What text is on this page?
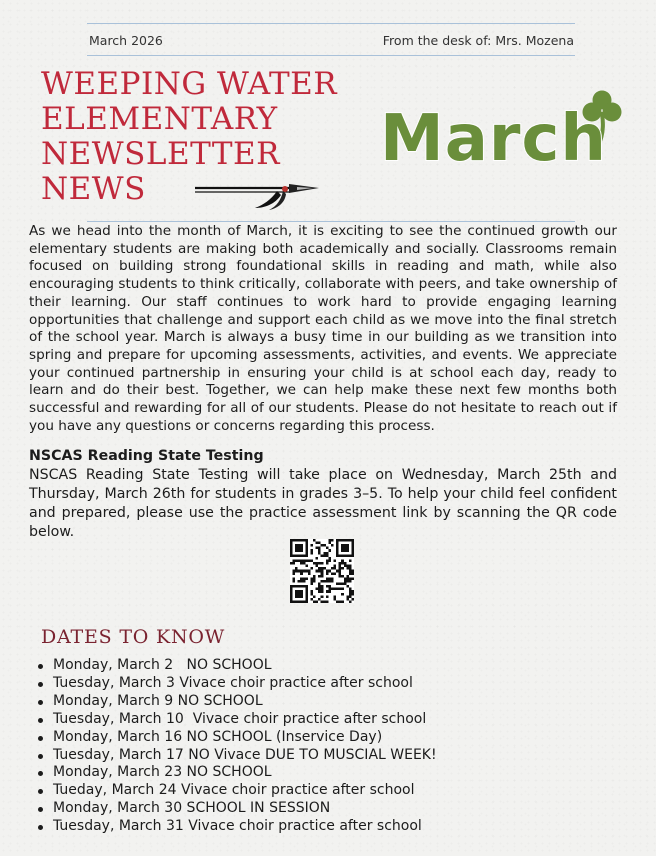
March 2026	From the desk of: Mrs. Mozena
WEEPING WATER
ELEMENTARY
NEWSLETTER
NEWS
March

As we head into the month of March, it is exciting to see the continued growth our elementary students are making both academically and socially. Classrooms remain focused on building strong foundational skills in reading and math, while also encouraging students to think critically, collaborate with peers, and take ownership of their learning. Our staff continues to work hard to provide engaging learning opportunities that challenge and support each child as we move into the final stretch of the school year. March is always a busy time in our building as we transition into spring and prepare for upcoming assessments, activities, and events. We appreciate your continued partnership in ensuring your child is at school each day, ready to learn and do their best. Together, we can help make these next few months both successful and rewarding for all of our students. Please do not hesitate to reach out if you have any questions or concerns regarding this process.

NSCAS Reading State Testing

NSCAS Reading State Testing will take place on Wednesday, March 25th and Thursday, March 26th for students in grades 3–5. To help your child feel confident and prepared, please use the practice assessment link by scanning the QR code below.

DATES TO KNOW
Monday, March 2   NO SCHOOL
Tuesday, March 3 Vivace choir practice after school
Monday, March 9 NO SCHOOL
Tuesday, March 10  Vivace choir practice after school
Monday, March 16 NO SCHOOL (Inservice Day)
Tuesday, March 17 NO Vivace DUE TO MUSCIAL WEEK!
Monday, March 23 NO SCHOOL
Tueday, March 24 Vivace choir practice after school
Monday, March 30 SCHOOL IN SESSION
Tuesday, March 31 Vivace choir practice after school
